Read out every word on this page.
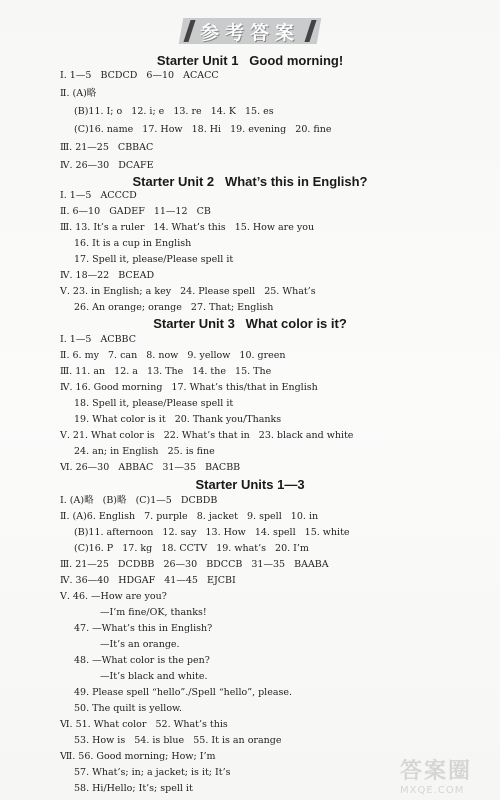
参考答案
Starter Unit 1   Good morning!
Ⅰ. 1—5   BCDCD   6—10   ACACC
Ⅱ. (A)略
(B)11. I; o   12. i; e   13. re   14. K   15. es
(C)16. name   17. How   18. Hi   19. evening   20. fine
Ⅲ. 21—25   CBBAC
Ⅳ. 26—30   DCAFE
Starter Unit 2   What’s this in English?
Ⅰ. 1—5   ACCCD
Ⅱ. 6—10   GADEF   11—12   CB
Ⅲ. 13. It’s a ruler   14. What’s this   15. How are you
16. It is a cup in English
17. Spell it, please/Please spell it
Ⅳ. 18—22   BCEAD
Ⅴ. 23. in English; a key   24. Please spell   25. What’s
26. An orange; orange   27. That; English
Starter Unit 3   What color is it?
Ⅰ. 1—5   ACBBC
Ⅱ. 6. my   7. can   8. now   9. yellow   10. green
Ⅲ. 11. an   12. a   13. The   14. the   15. The
Ⅳ. 16. Good morning   17. What’s this/that in English
18. Spell it, please/Please spell it
19. What color is it   20. Thank you/Thanks
Ⅴ. 21. What color is   22. What’s that in   23. black and white
24. an; in English   25. is fine
Ⅵ. 26—30   ABBAC   31—35   BACBB
Starter Units 1—3
Ⅰ. (A)略   (B)略   (C)1—5   DCBDB
Ⅱ. (A)6. English   7. purple   8. jacket   9. spell   10. in
(B)11. afternoon   12. say   13. How   14. spell   15. white
(C)16. P   17. kg   18. CCTV   19. what’s   20. I’m
Ⅲ. 21—25   DCDBB   26—30   BDCCB   31—35   BAABA
Ⅳ. 36—40   HDGAF   41—45   EJCBI
Ⅴ. 46. —How are you?
—I’m fine/OK, thanks!
47. —What’s this in English?
—It’s an orange.
48. —What color is the pen?
—It’s black and white.
49. Please spell “hello”./Spell “hello”, please.
50. The quilt is yellow.
Ⅵ. 51. What color   52. What’s this
53. How is   54. is blue   55. It is an orange
Ⅶ. 56. Good morning; How; I’m
57. What’s; in; a jacket; is it; It’s
58. Hi/Hello; It’s; spell it
答案圈
MXQE.COM
